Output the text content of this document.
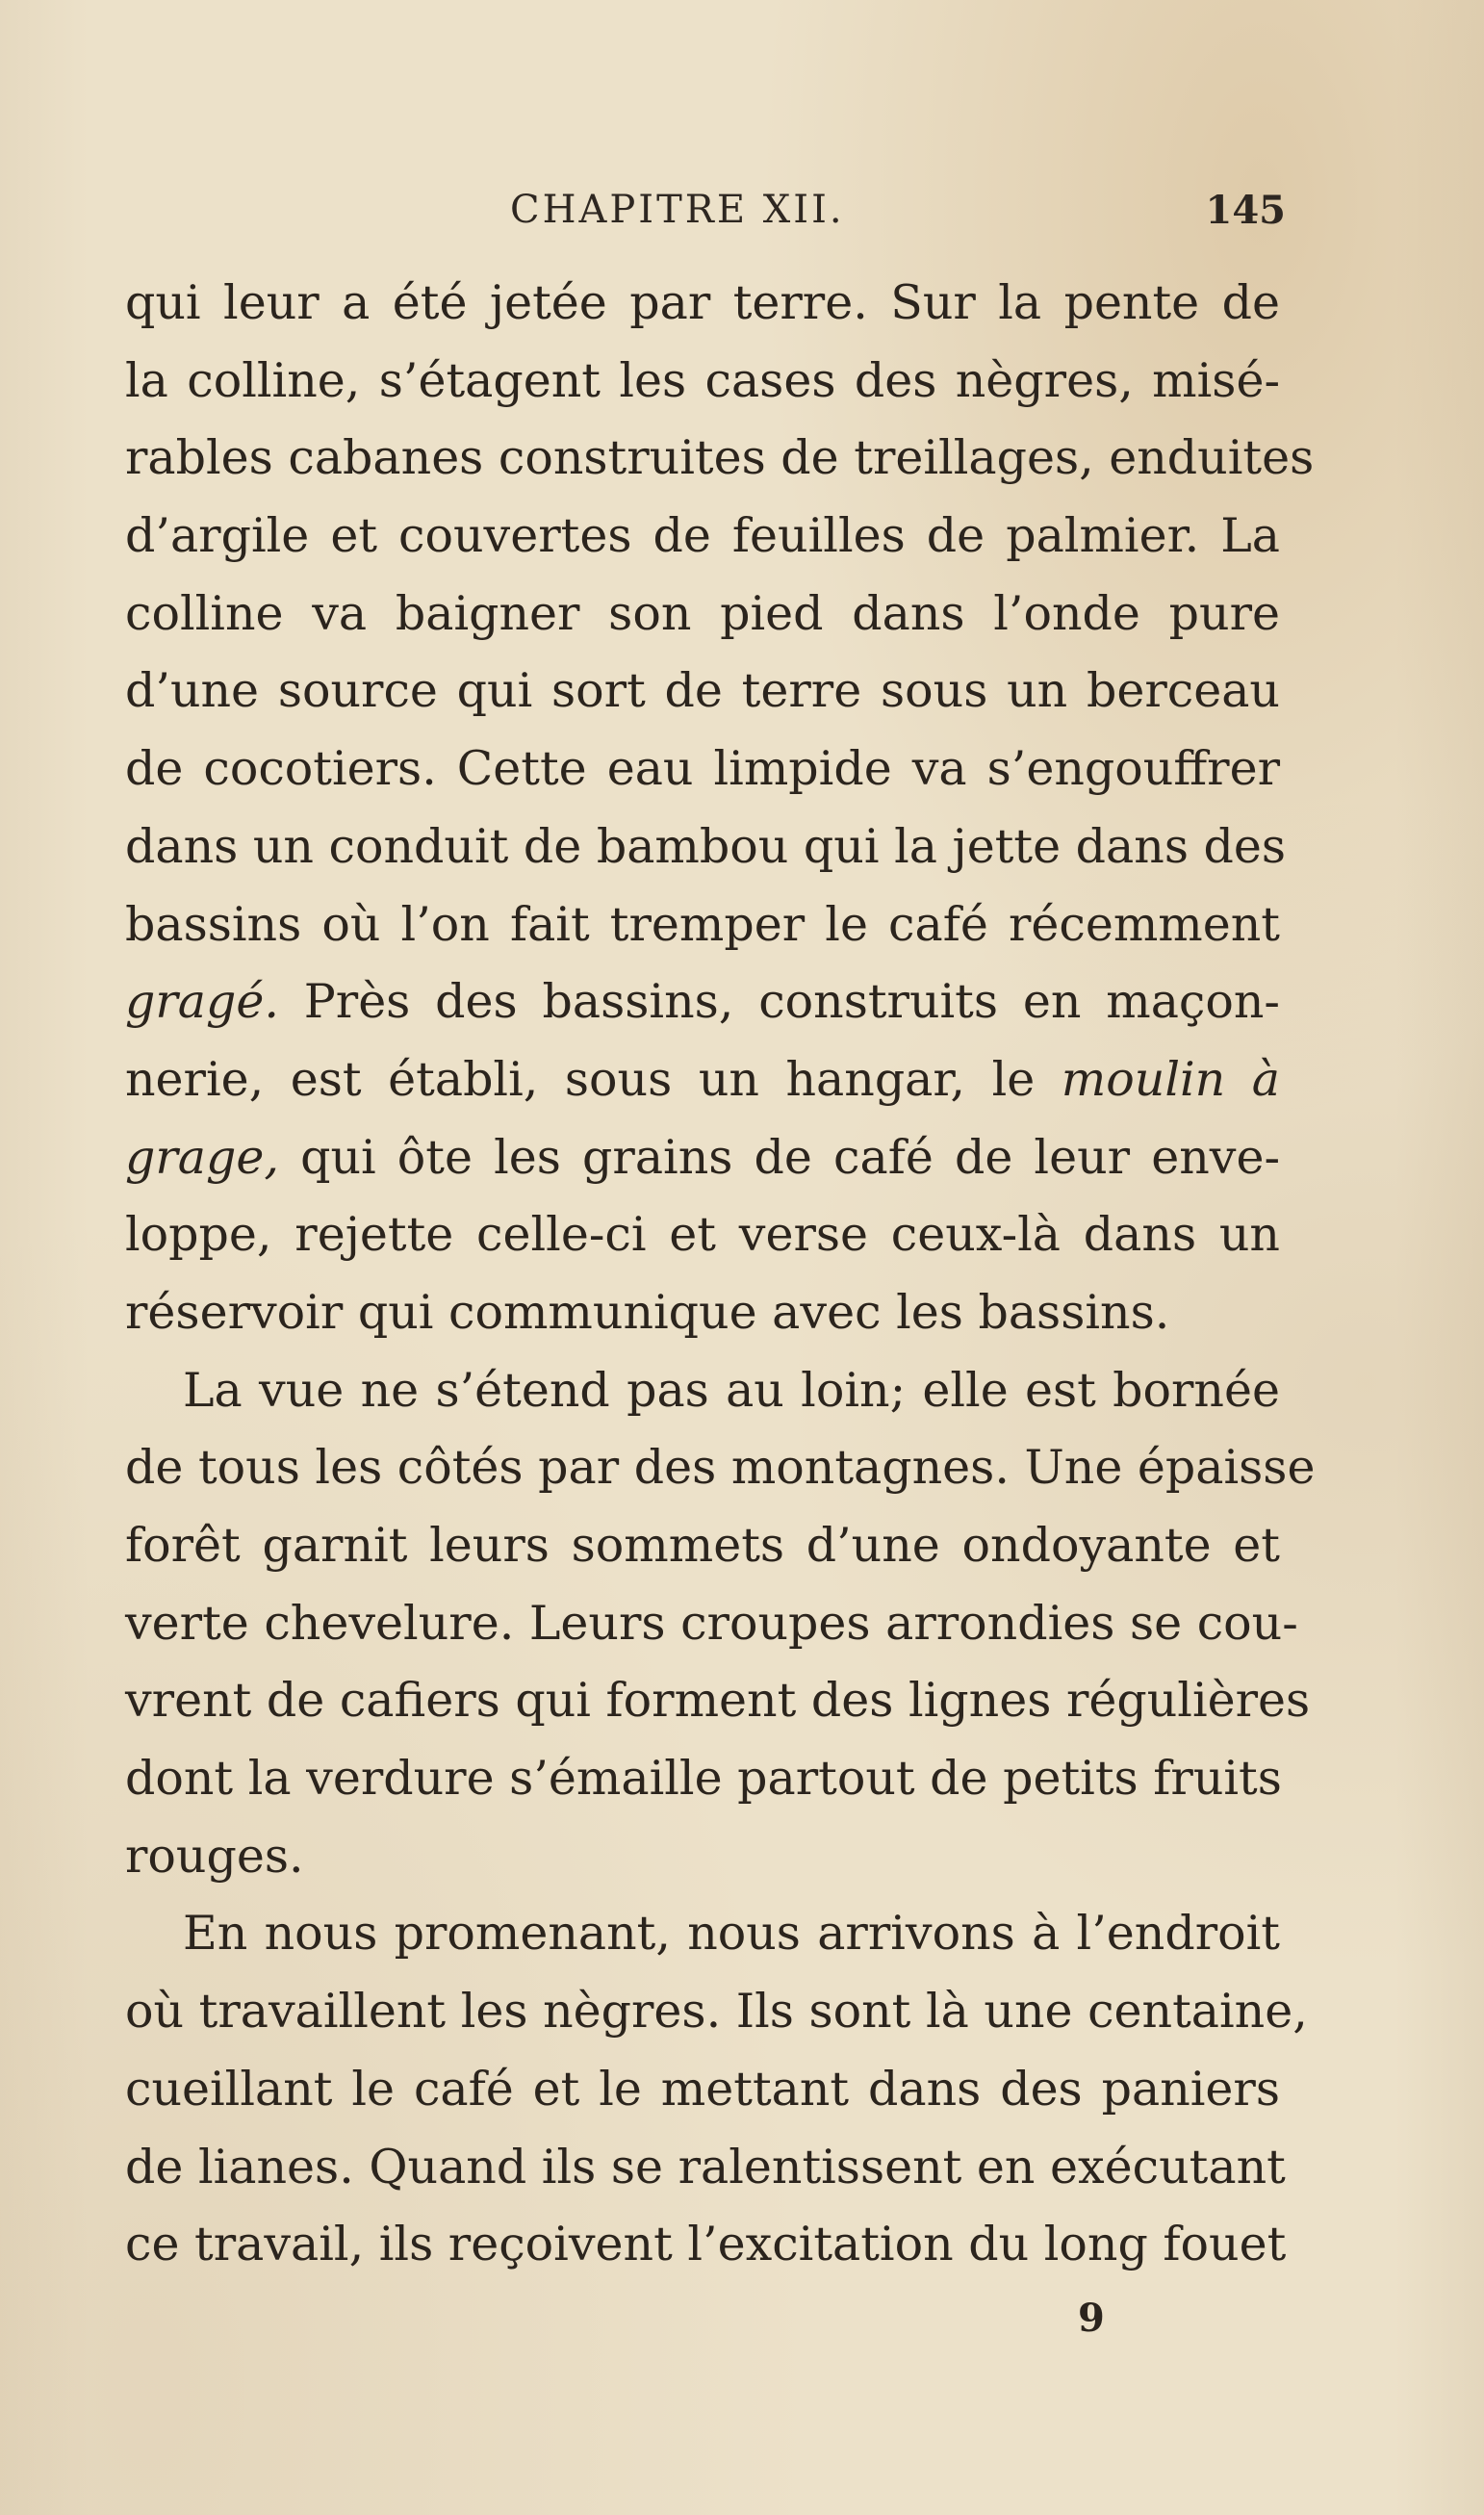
CHAPITRE XII.	145
qui leur a été jetée par terre. Sur la pente de
la colline, s’étagent les cases des nègres, misé-
rables cabanes construites de treillages, enduites
d’argile et couvertes de feuilles de palmier. La
colline va baigner son pied dans l’onde pure
d’une source qui sort de terre sous un berceau
de cocotiers. Cette eau limpide va s’engouffrer
dans un conduit de bambou qui la jette dans des
bassins où l’on fait tremper le café récemment
gragé. Près des bassins, construits en maçon-
nerie, est établi, sous un hangar, le moulin à
grage, qui ôte les grains de café de leur enve-
loppe, rejette celle-ci et verse ceux-là dans un
réservoir qui communique avec les bassins.
La vue ne s’étend pas au loin; elle est bornée
de tous les côtés par des montagnes. Une épaisse
forêt garnit leurs sommets d’une ondoyante et
verte chevelure. Leurs croupes arrondies se cou-
vrent de cafiers qui forment des lignes régulières
dont la verdure s’émaille partout de petits fruits
rouges.
En nous promenant, nous arrivons à l’endroit
où travaillent les nègres. Ils sont là une centaine,
cueillant le café et le mettant dans des paniers
de lianes. Quand ils se ralentissent en exécutant
ce travail, ils reçoivent l’excitation du long fouet
9
